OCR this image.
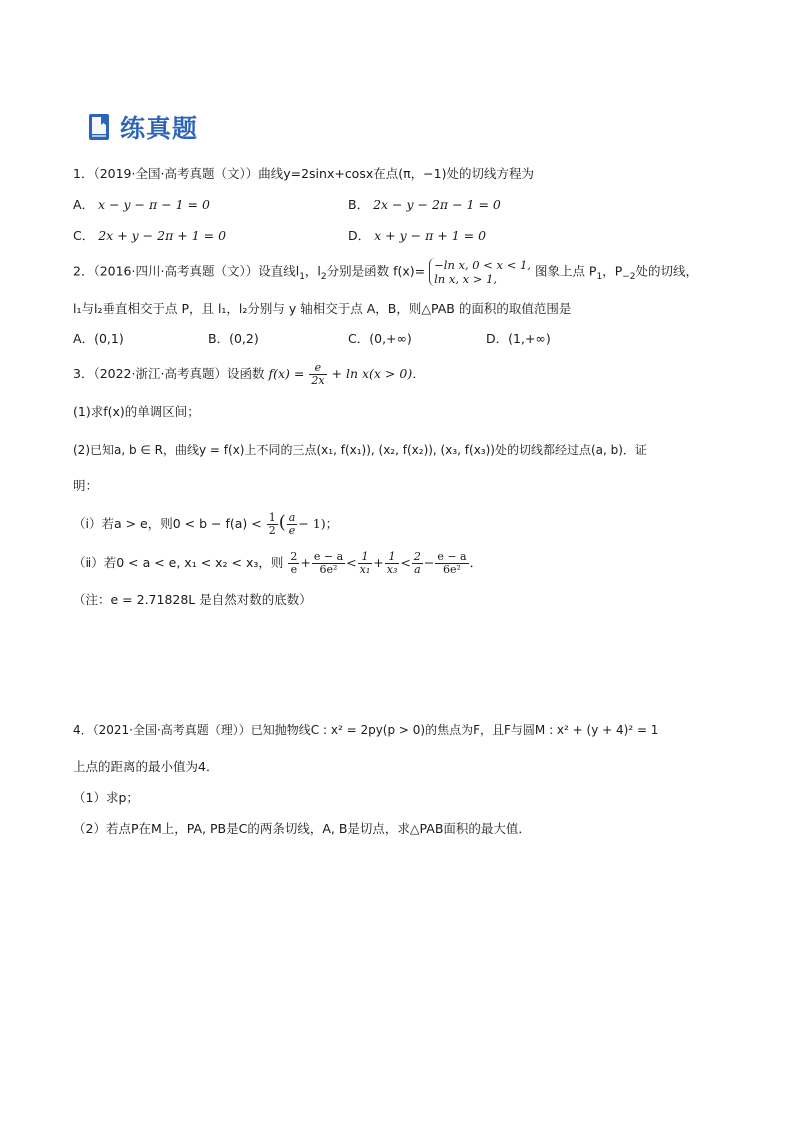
练真题
1．（2019·全国·高考真题（文））曲线y=2sinx+cosx在点(π，−1)处的切线方程为
A． x − y − π − 1 = 0	B． 2x − y − 2π − 1 = 0
C． 2x + y − 2π + 1 = 0	D． x + y − π + 1 = 0
2．（2016·四川·高考真题（文））设直线$l_1$，$l_2$分别是函数 f(x)= −ln x, 0 < x < 1,
ln x, x > 1,
图象上点 $P_1$，$P_{-2}$处的切线，
l₁与l₂垂直相交于点 P，且 l₁，l₂分别与 y 轴相交于点 A，B，则△PAB 的面积的取值范围是
A．(0,1)	B．(0,2)	C．(0,+∞)	D．(1,+∞)
3．（2022·浙江·高考真题）设函数 $f(x) = \frac{e}{2x} + \ln x(x > 0)$．
(1)求f(x)的单调区间；
(2)已知a, b ∈ R，曲线y = f(x)上不同的三点(x₁, f(x₁)), (x₂, f(x₂)), (x₃, f(x₃))处的切线都经过点(a, b)．证
明：
（ⅰ）若a > e，则$0 < b - f(a) < \frac{1}{2}$ ( $\frac{a}{e} - 1$)；
（ⅱ）若0 < a < e, x₁ < x₂ < x₃，则 $\frac{2}{e} + \frac{e - a}{\text{6e²}} < \frac{1}{\text{x₁}} + \frac{1}{\text{x₃}} < \frac{2}{a} - \frac{e - a}{\text{6e²}}$ ．
（注：e = 2.71828L 是自然对数的底数）
4．（2021·全国·高考真题（理））已知抛物线C : x² = 2py(p > 0)的焦点为F，且F与圆M : x² + (y + 4)² = 1
上点的距离的最小值为4．
（1）求p；
（2）若点P在M上，PA, PB是C的两条切线，A, B是切点，求△PAB面积的最大值．
